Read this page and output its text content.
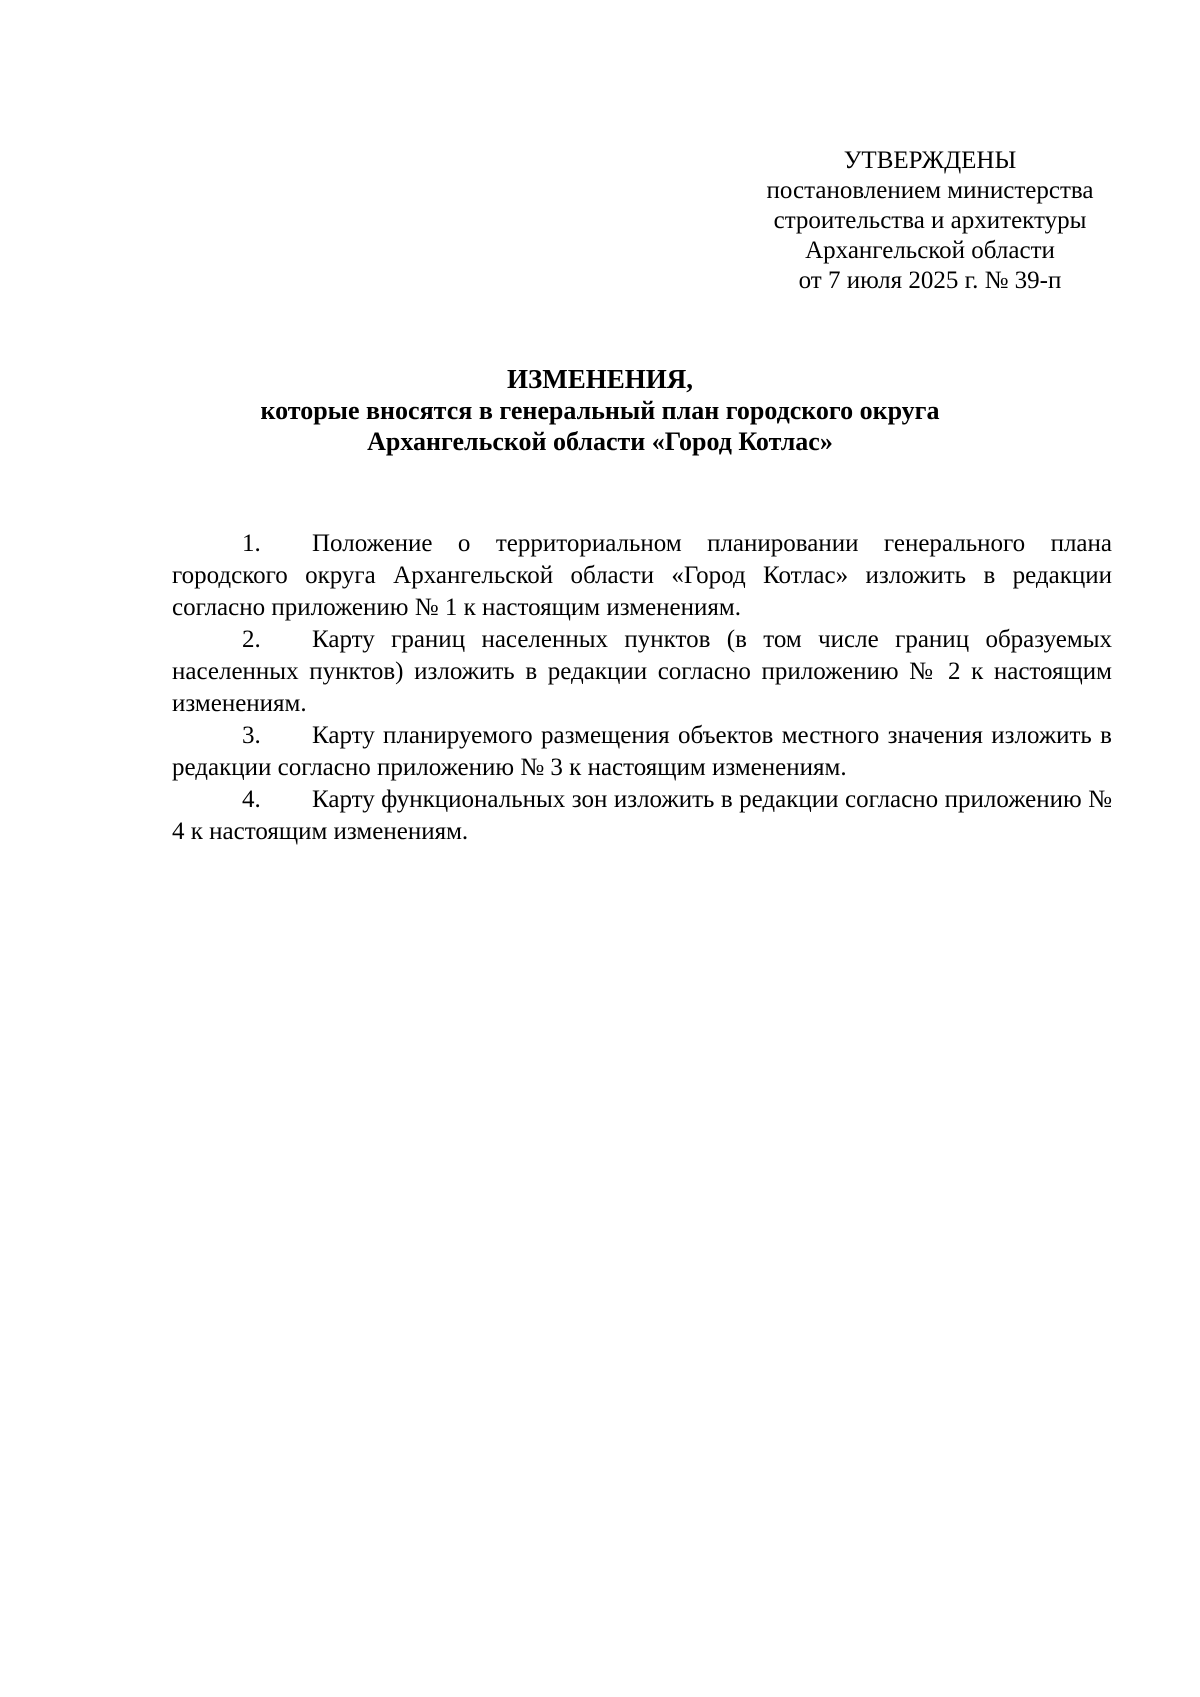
УТВЕРЖДЕНЫ
постановлением министерства
строительства и архитектуры
Архангельской области
от 7 июля 2025 г. № 39-п
ИЗМЕНЕНИЯ,
которые вносятся в генеральный план городского округа
Архангельской области «Город Котлас»

1. Положение о территориальном планировании генерального плана городского округа Архангельской области «Город Котлас» изложить в редакции согласно приложению № 1 к настоящим изменениям.

2. Карту границ населенных пунктов (в том числе границ образуемых населенных пунктов) изложить в редакции согласно приложению № 2 к настоящим изменениям.

3. Карту планируемого размещения объектов местного значения изложить в редакции согласно приложению № 3 к настоящим изменениям.

4. Карту функциональных зон изложить в редакции согласно приложению № 4 к настоящим изменениям.
